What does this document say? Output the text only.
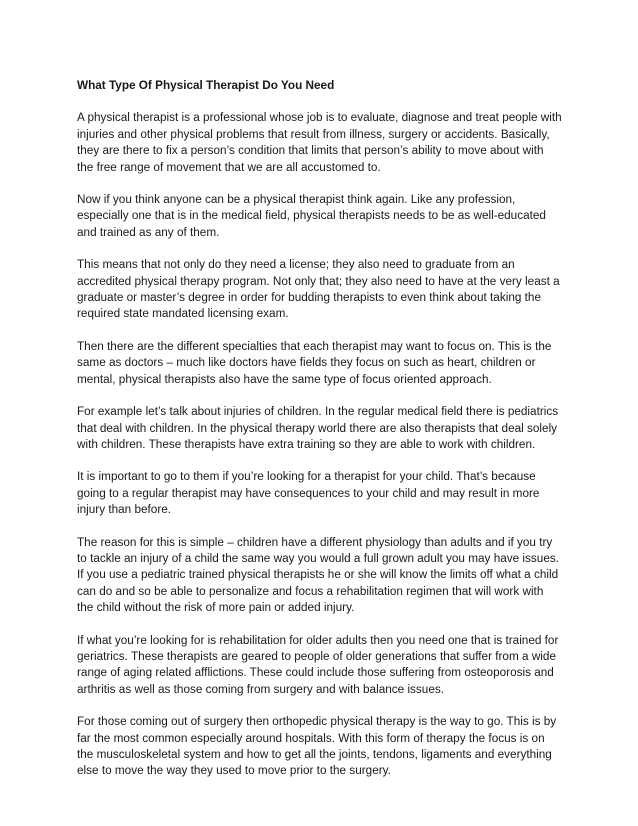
What Type Of Physical Therapist Do You Need

A physical therapist is a professional whose job is to evaluate, diagnose and treat people with injuries and other physical problems that result from illness, surgery or accidents. Basically, they are there to fix a person’s condition that limits that person’s ability to move about with the free range of movement that we are all accustomed to.

Now if you think anyone can be a physical therapist think again. Like any profession, especially one that is in the medical field, physical therapists needs to be as well-educated and trained as any of them.

This means that not only do they need a license; they also need to graduate from an accredited physical therapy program. Not only that; they also need to have at the very least a graduate or master’s degree in order for budding therapists to even think about taking the required state mandated licensing exam.

Then there are the different specialties that each therapist may want to focus on. This is the same as doctors – much like doctors have fields they focus on such as heart, children or mental, physical therapists also have the same type of focus oriented approach.

For example let’s talk about injuries of children. In the regular medical field there is pediatrics that deal with children. In the physical therapy world there are also therapists that deal solely with children. These therapists have extra training so they are able to work with children.

It is important to go to them if you’re looking for a therapist for your child. That’s because going to a regular therapist may have consequences to your child and may result in more injury than before.

The reason for this is simple – children have a different physiology than adults and if you try to tackle an injury of a child the same way you would a full grown adult you may have issues. If you use a pediatric trained physical therapists he or she will know the limits off what a child can do and so be able to personalize and focus a rehabilitation regimen that will work with the child without the risk of more pain or added injury.

If what you’re looking for is rehabilitation for older adults then you need one that is trained for geriatrics. These therapists are geared to people of older generations that suffer from a wide range of aging related afflictions. These could include those suffering from osteoporosis and arthritis as well as those coming from surgery and with balance issues.

For those coming out of surgery then orthopedic physical therapy is the way to go. This is by far the most common especially around hospitals. With this form of therapy the focus is on the musculoskeletal system and how to get all the joints, tendons, ligaments and everything else to move the way they used to move prior to the surgery.
